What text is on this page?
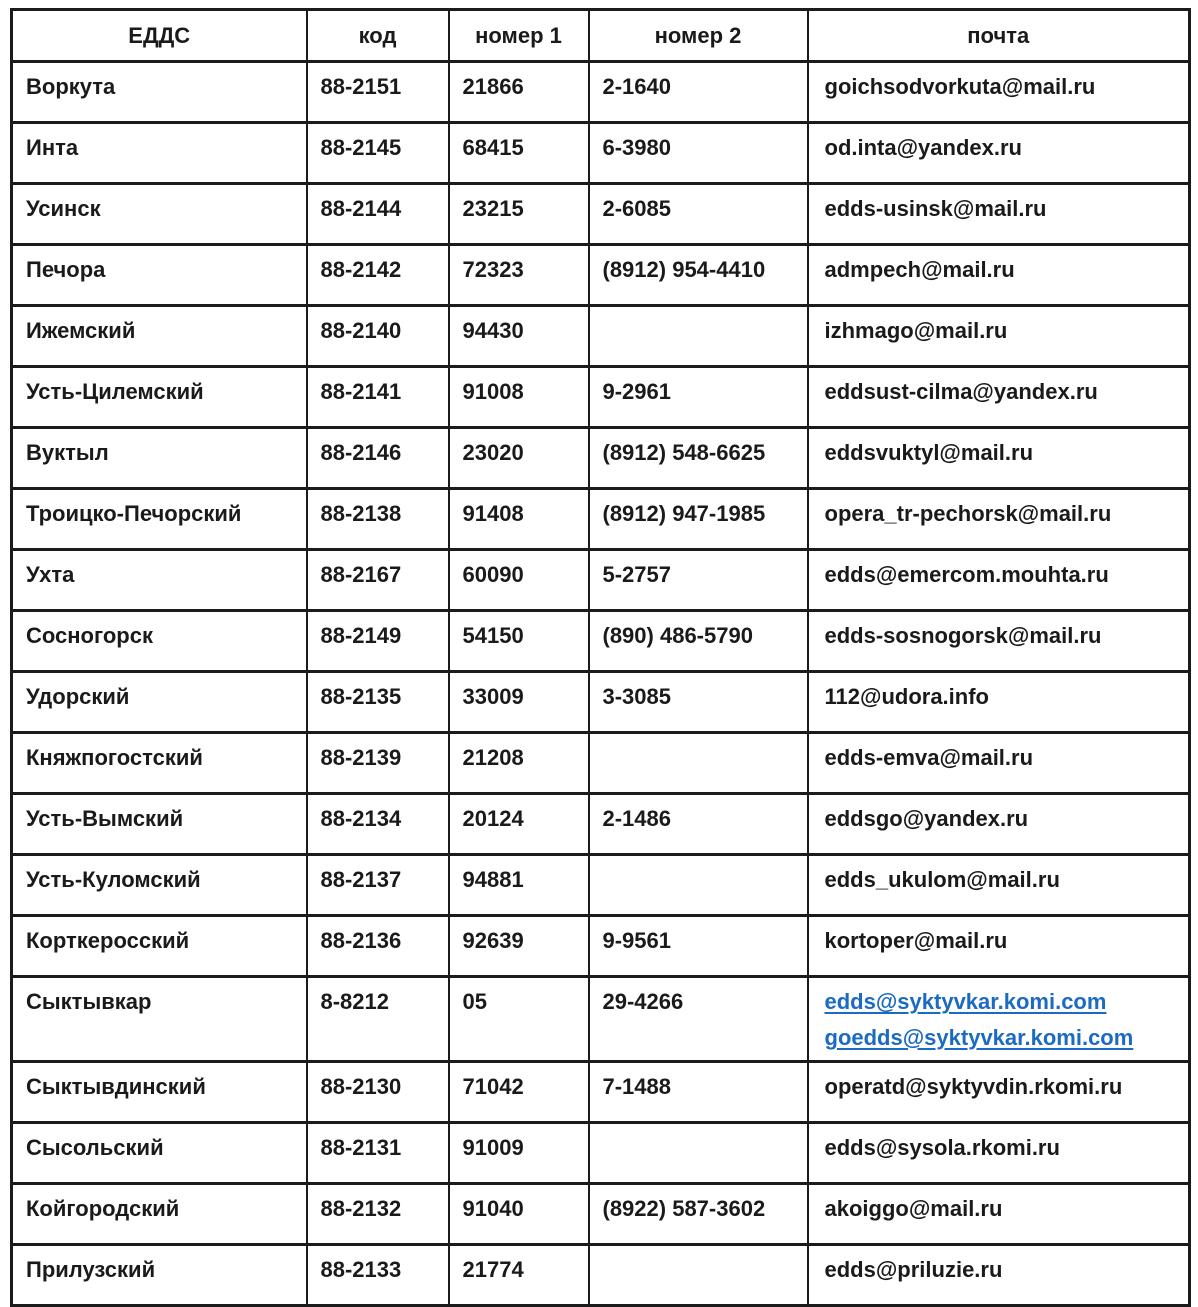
ЕДДС	код	номер 1	номер 2	почта
Воркута	88-2151	21866	2-1640	goichsodvorkuta@mail.ru

Инта	88-2145	68415	6-3980	od.inta@yandex.ru

Усинск	88-2144	23215	2-6085	edds-usinsk@mail.ru

Печора	88-2142	72323	(8912) 954-4410	admpech@mail.ru

Ижемский	88-2140	94430		izhmago@mail.ru

Усть-Цилемский	88-2141	91008	9-2961	eddsust-cilma@yandex.ru

Вуктыл	88-2146	23020	(8912) 548-6625	eddsvuktyl@mail.ru

Троицко-Печорский	88-2138	91408	(8912) 947-1985	opera_tr-pechorsk@mail.ru

Ухта	88-2167	60090	5-2757	edds@emercom.mouhta.ru

Сосногорск	88-2149	54150	(890) 486-5790	edds-sosnogorsk@mail.ru

Удорский	88-2135	33009	3-3085	112@udora.info

Княжпогостский	88-2139	21208		edds-emva@mail.ru

Усть-Вымский	88-2134	20124	2-1486	eddsgo@yandex.ru

Усть-Куломский	88-2137	94881		edds_ukulom@mail.ru

Корткеросский	88-2136	92639	9-9561	kortoper@mail.ru

Сыктывкар	8-8212	05	29-4266	edds@syktyvkar.komi.com
goedds@syktyvkar.komi.com

Сыктывдинский	88-2130	71042	7-1488	operatd@syktyvdin.rkomi.ru

Сысольский	88-2131	91009		edds@sysola.rkomi.ru

Койгородский	88-2132	91040	(8922) 587-3602	akoiggo@mail.ru

Прилузский	88-2133	21774		edds@priluzie.ru
